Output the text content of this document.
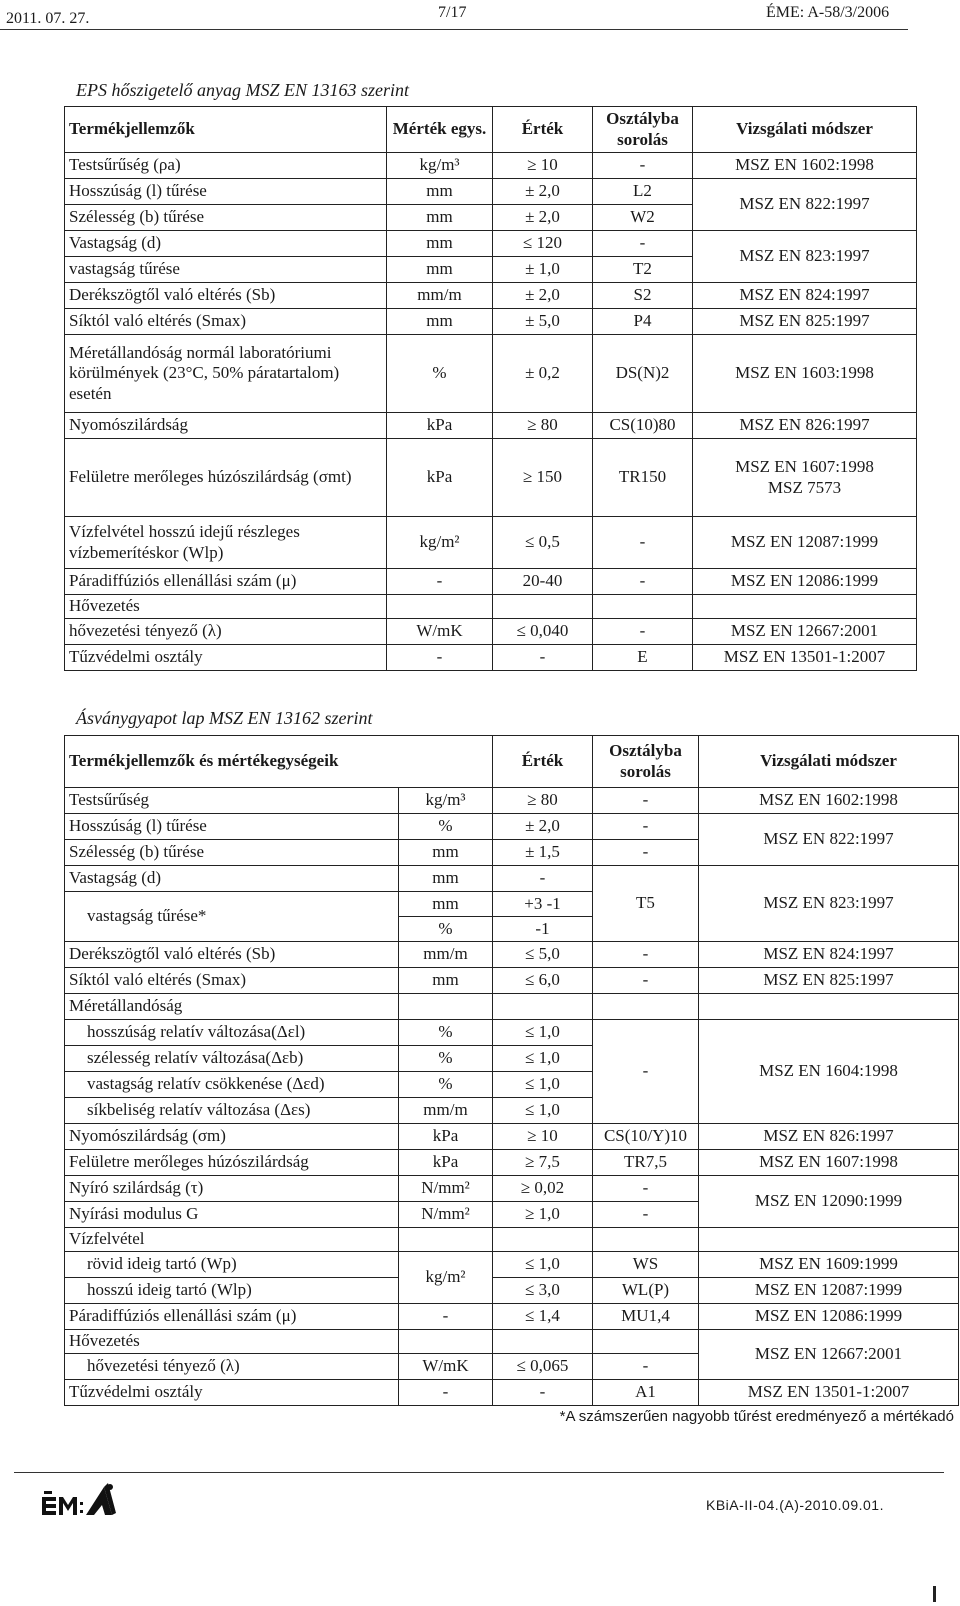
2011. 07. 27.	7/17	ÉME: A-58/3/2006
EPS hőszigetelő anyag MSZ EN 13163 szerint
Termékjellemzők	Mérték egys.	Érték	Osztályba sorolás	Vizsgálati módszer
Testsűrűség (ρa)	kg/m³	≥ 10	-	MSZ EN 1602:1998
Hosszúság (l) tűrése	mm	± 2,0	L2	MSZ EN 822:1997
Szélesség (b) tűrése	mm	± 2,0	W2	
Vastagság (d)	mm	≤ 120	-	MSZ EN 823:1997
vastagság tűrése	mm	± 1,0	T2	
Derékszögtől való eltérés (Sb)	mm/m	± 2,0	S2	MSZ EN 824:1997
Síktól való eltérés (Smax)	mm	± 5,0	P4	MSZ EN 825:1997
Méretállandóság normál laboratóriumi körülmények (23°C, 50% páratartalom) esetén	%	± 0,2	DS(N)2	MSZ EN 1603:1998
Nyomószilárdság	kPa	≥ 80	CS(10)80	MSZ EN 826:1997
Felületre merőleges húzószilárdság (σmt)	kPa	≥ 150	TR150	MSZ EN 1607:1998
MSZ 7573

Vízfelvétel hosszú idejű részleges vízbemerítéskor (Wlp)	kg/m²	≤ 0,5	-	MSZ EN 12087:1999
Páradiffúziós ellenállási szám (μ)	-	20-40	-	MSZ EN 12086:1999
Hővezetés				
hővezetési tényező (λ)	W/mK	≤ 0,040	-	MSZ EN 12667:2001
Tűzvédelmi osztály	-	-	E	MSZ EN 13501-1:2007
Ásványgyapot lap MSZ EN 13162 szerint
Termékjellemzők és mértékegységeik		Érték	Osztályba sorolás	Vizsgálati módszer
Testsűrűség	kg/m³	≥ 80	-	MSZ EN 1602:1998
Hosszúság (l) tűrése	%	± 2,0	-	MSZ EN 822:1997
Szélesség (b) tűrése	mm	± 1,5	-	
Vastagság (d)	mm	-	T5	MSZ EN 823:1997
vastagság tűrése*	mm	+3 -1		
	%	-1		
Derékszögtől való eltérés (Sb)	mm/m	≤ 5,0	-	MSZ EN 824:1997
Síktól való eltérés (Smax)	mm	≤ 6,0	-	MSZ EN 825:1997
Méretállandóság				
hosszúság relatív változása(Δεl)	%	≤ 1,0	-	MSZ EN 1604:1998
szélesség relatív változása(Δεb)	%	≤ 1,0		
vastagság relatív csökkenése (Δεd)	%	≤ 1,0		
síkbeliség relatív változása (Δεs)	mm/m	≤ 1,0		
Nyomószilárdság (σm)	kPa	≥ 10	CS(10/Y)10	MSZ EN 826:1997
Felületre merőleges húzószilárdság	kPa	≥ 7,5	TR7,5	MSZ EN 1607:1998
Nyíró szilárdság (τ)	N/mm²	≥ 0,02	-	MSZ EN 12090:1999
Nyírási modulus G	N/mm²	≥ 1,0	-	
Vízfelvétel				
rövid ideig tartó (Wp)	kg/m²	≤ 1,0	WS	MSZ EN 1609:1999
hosszú ideig tartó (Wlp)		≤ 3,0	WL(P)	MSZ EN 12087:1999
Páradiffúziós ellenállási szám (μ)	-	≤ 1,4	MU1,4	MSZ EN 12086:1999
Hővezetés				MSZ EN 12667:2001
hővezetési tényező (λ)	W/mK	≤ 0,065	-	
Tűzvédelmi osztály	-	-	A1	MSZ EN 13501-1:2007
*A számszerűen nagyobb tűrést eredményező a mértékadó
KBiA-II-04.(A)-2010.09.01.
